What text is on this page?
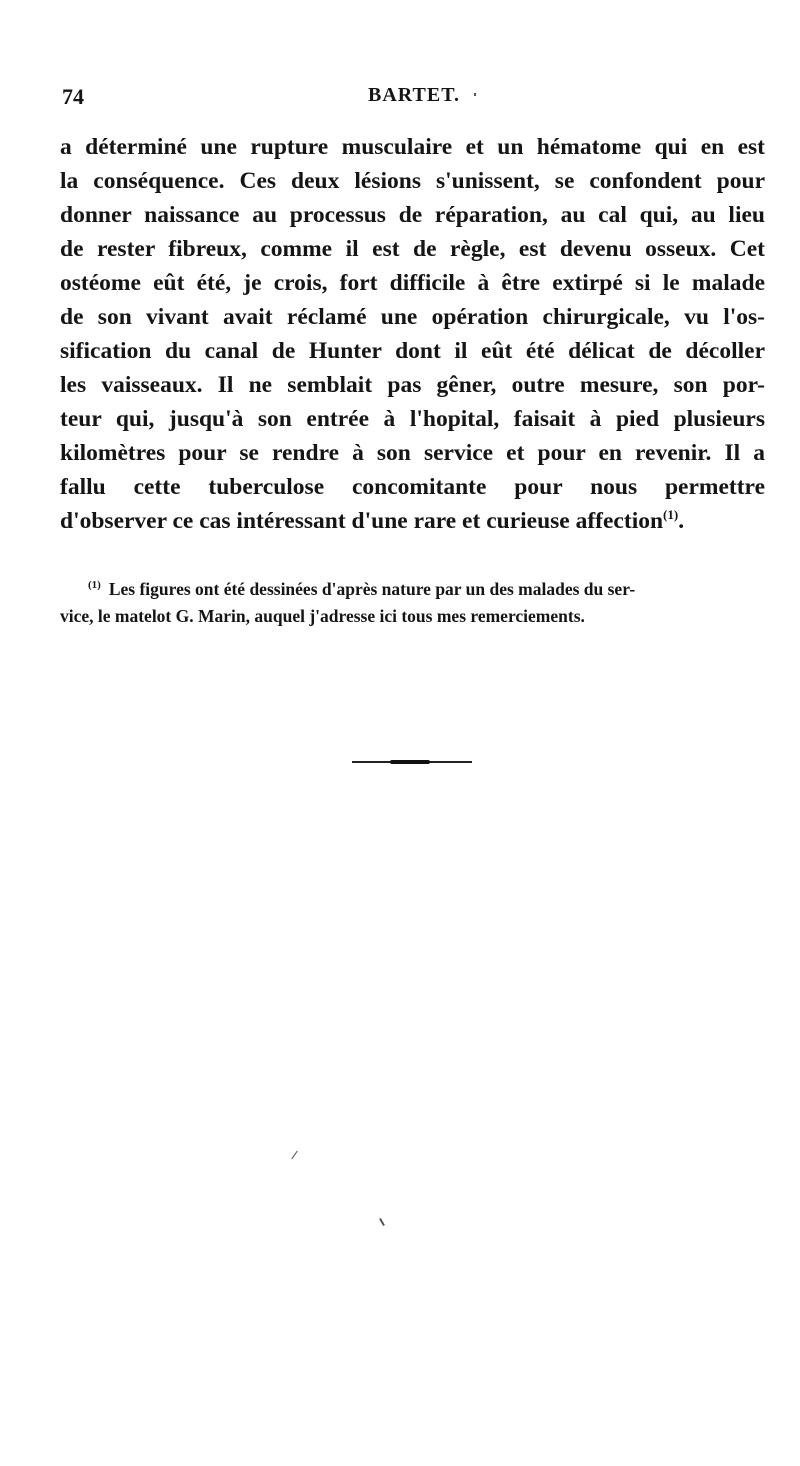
74	BARTET.
a déterminé une rupture musculaire et un hématome qui en est
la conséquence. Ces deux lésions s'unissent, se confondent pour
donner naissance au processus de réparation, au cal qui, au lieu
de rester fibreux, comme il est de règle, est devenu osseux. Cet
ostéome eût été, je crois, fort difficile à être extirpé si le malade
de son vivant avait réclamé une opération chirurgicale, vu l'os-
sification du canal de Hunter dont il eût été délicat de décoller
les vaisseaux. Il ne semblait pas gêner, outre mesure, son por-
teur qui, jusqu'à son entrée à l'hopital, faisait à pied plusieurs
kilomètres pour se rendre à son service et pour en revenir. Il a
fallu cette tuberculose concomitante pour nous permettre
d'observer ce cas intéressant d'une rare et curieuse affection$^{(1)}$.
$^{(1)}$ Les figures ont été dessinées d'après nature par un des malades du ser-
vice, le matelot G. Marin, auquel j'adresse ici tous mes remerciements.
